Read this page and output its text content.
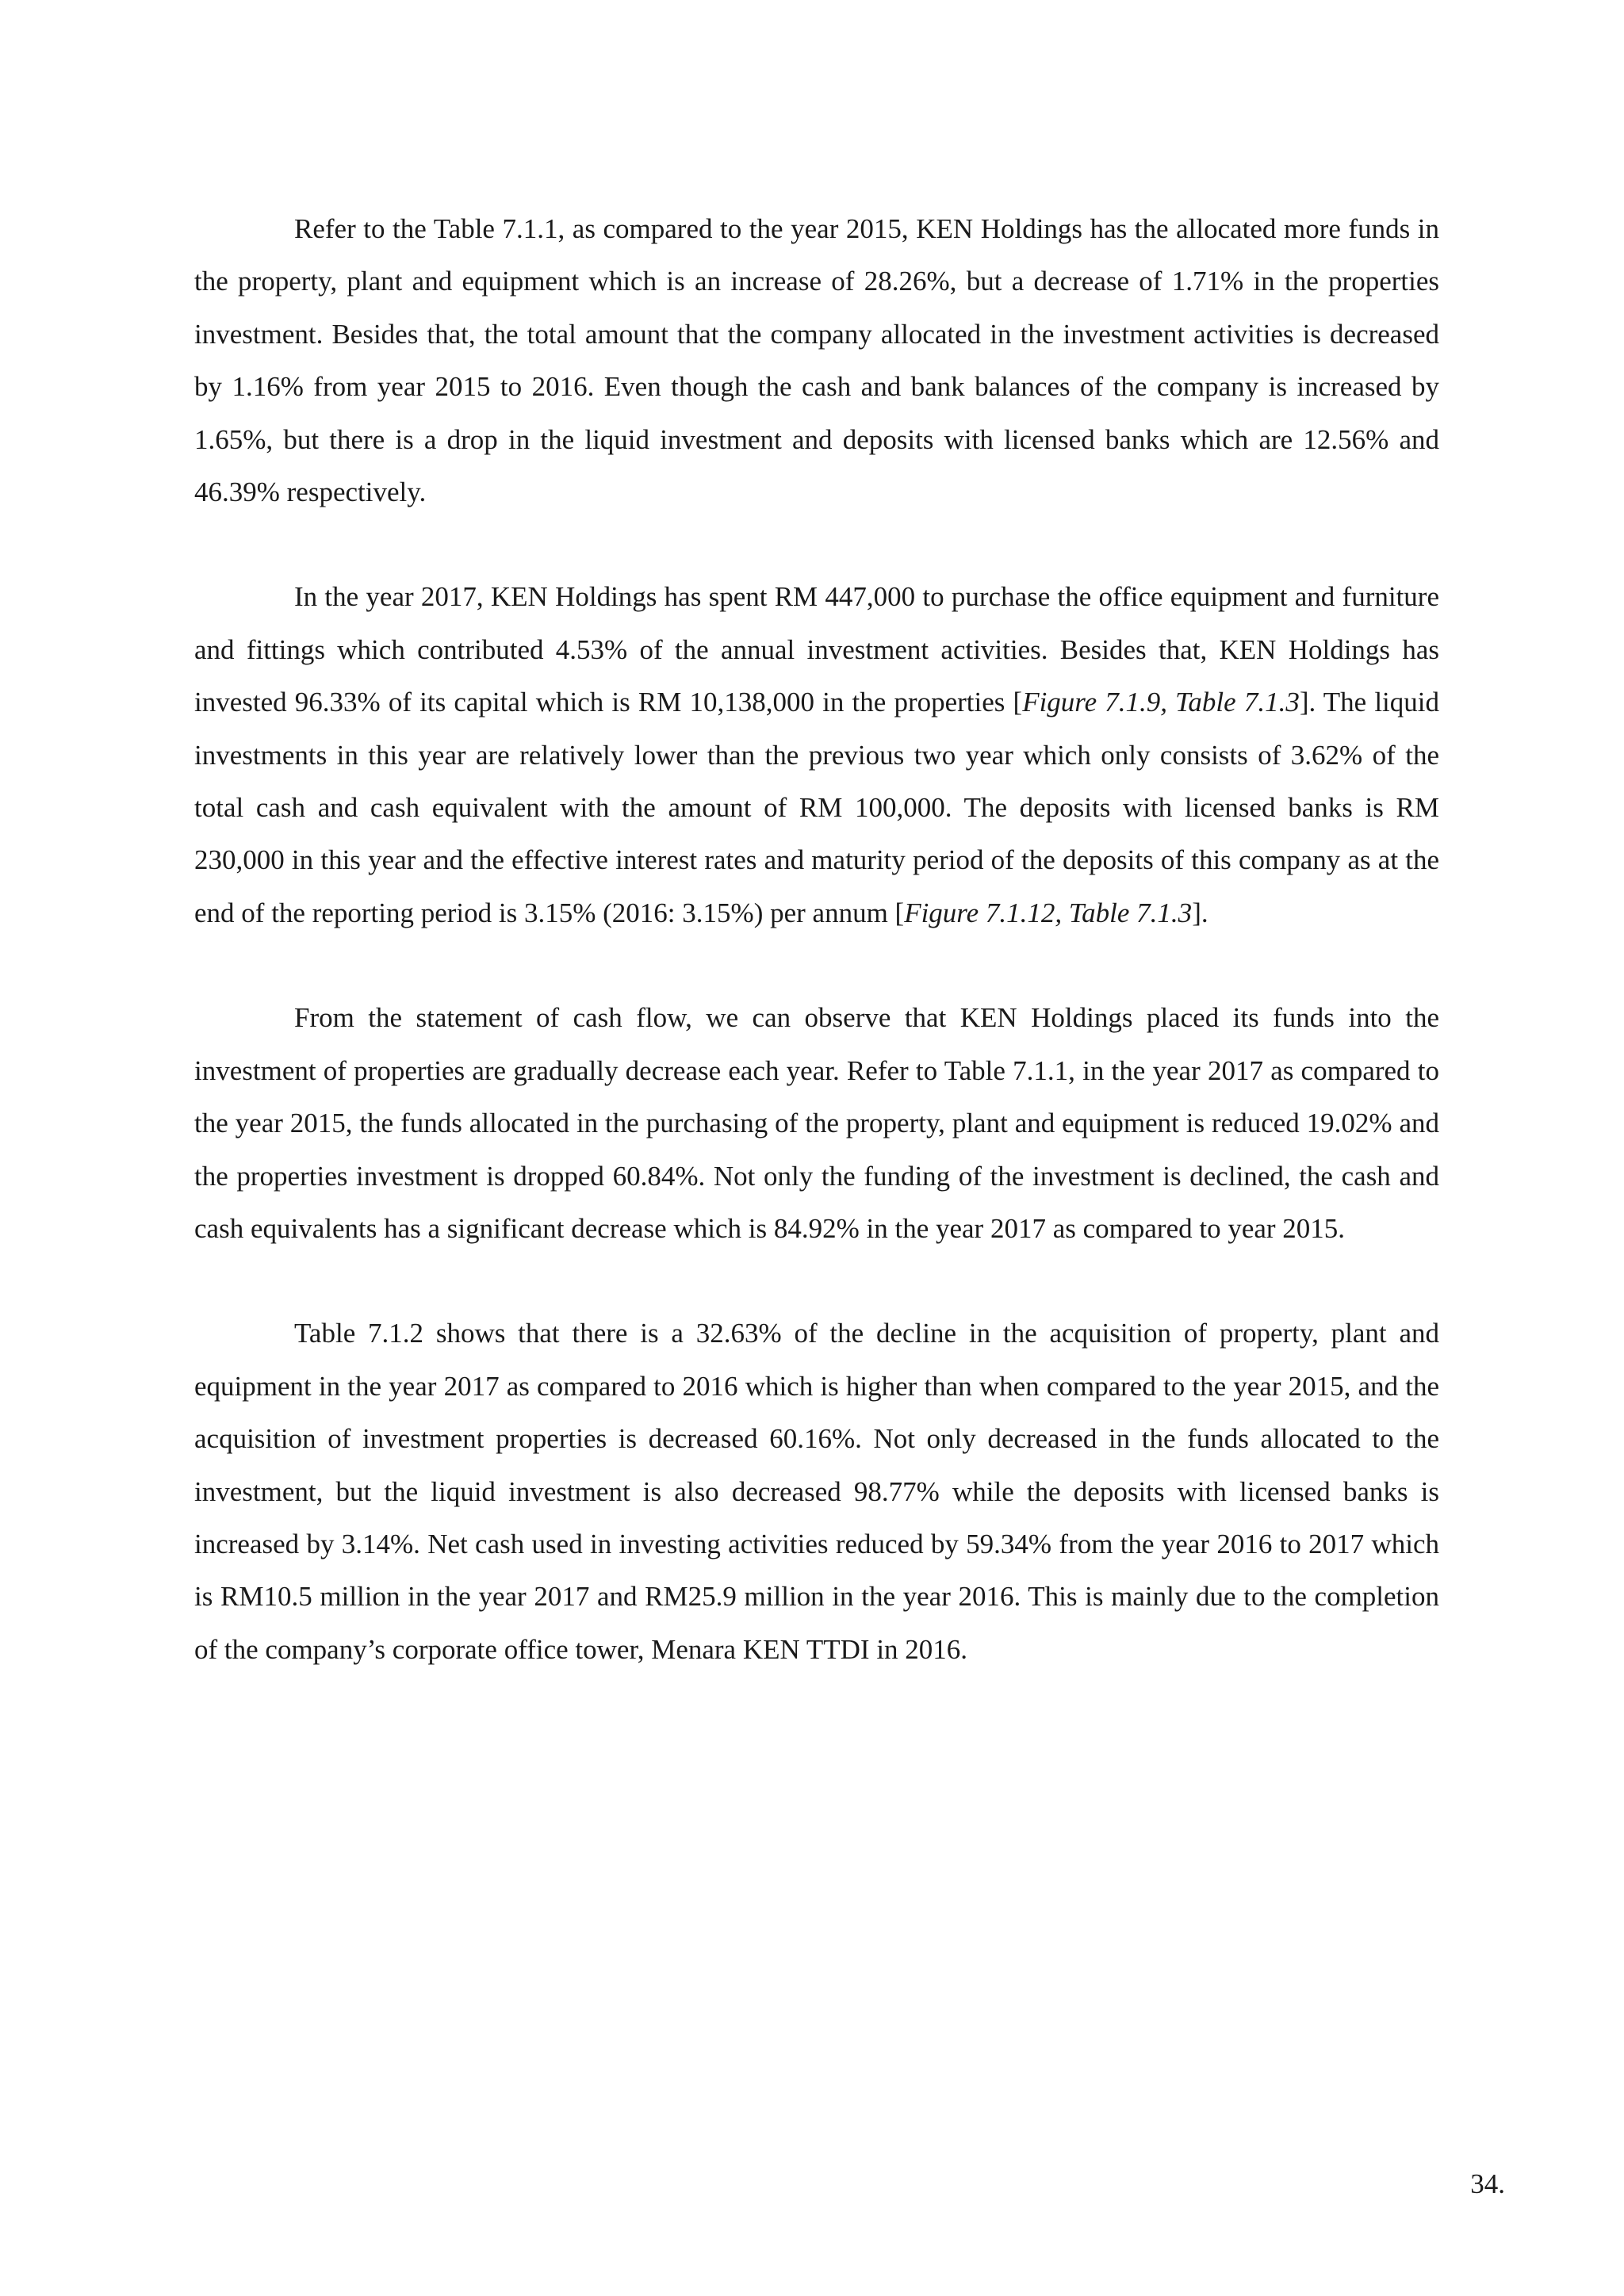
Refer to the Table 7.1.1, as compared to the year 2015, KEN Holdings has the allocated more funds in the property, plant and equipment which is an increase of 28.26%, but a decrease of 1.71% in the properties investment. Besides that, the total amount that the company allocated in the investment activities is decreased by 1.16% from year 2015 to 2016. Even though the cash and bank balances of the company is increased by 1.65%, but there is a drop in the liquid investment and deposits with licensed banks which are 12.56% and 46.39% respectively.

In the year 2017, KEN Holdings has spent RM 447,000 to purchase the office equipment and furniture and fittings which contributed 4.53% of the annual investment activities. Besides that, KEN Holdings has invested 96.33% of its capital which is RM 10,138,000 in the properties [Figure 7.1.9, Table 7.1.3]. The liquid investments in this year are relatively lower than the previous two year which only consists of 3.62% of the total cash and cash equivalent with the amount of RM 100,000. The deposits with licensed banks is RM 230,000 in this year and the effective interest rates and maturity period of the deposits of this company as at the end of the reporting period is 3.15% (2016: 3.15%) per annum [Figure 7.1.12, Table 7.1.3].

From the statement of cash flow, we can observe that KEN Holdings placed its funds into the investment of properties are gradually decrease each year. Refer to Table 7.1.1, in the year 2017 as compared to the year 2015, the funds allocated in the purchasing of the property, plant and equipment is reduced 19.02% and the properties investment is dropped 60.84%. Not only the funding of the investment is declined, the cash and cash equivalents has a significant decrease which is 84.92% in the year 2017 as compared to year 2015.

Table 7.1.2 shows that there is a 32.63% of the decline in the acquisition of property, plant and equipment in the year 2017 as compared to 2016 which is higher than when compared to the year 2015, and the acquisition of investment properties is decreased 60.16%. Not only decreased in the funds allocated to the investment, but the liquid investment is also decreased 98.77% while the deposits with licensed banks is increased by 3.14%. Net cash used in investing activities reduced by 59.34% from the year 2016 to 2017 which is RM10.5 million in the year 2017 and RM25.9 million in the year 2016. This is mainly due to the completion of the company’s corporate office tower, Menara KEN TTDI in 2016.

34.
